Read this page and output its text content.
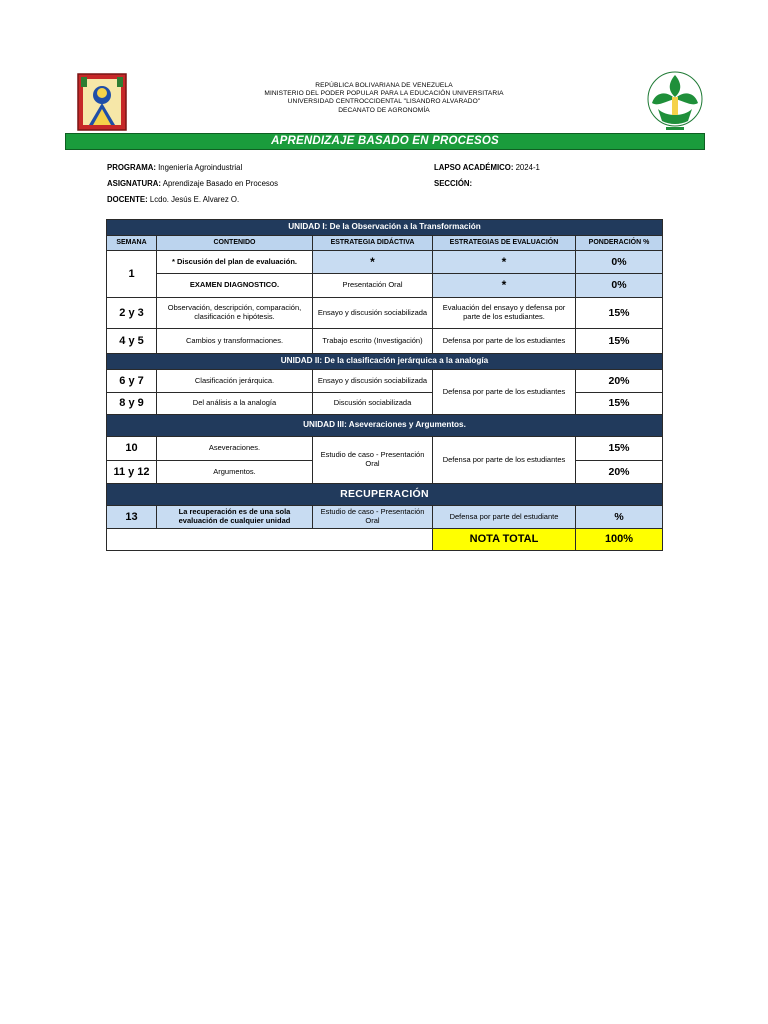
REPÚBLICA BOLIVARIANA DE VENEZUELA
MINISTERIO DEL PODER POPULAR PARA LA EDUCACIÓN UNIVERSITARIA
UNIVERSIDAD CENTROCCIDENTAL "LISANDRO ALVARADO"
DECANATO DE AGRONOMÍA
APRENDIZAJE BASADO EN PROCESOS
PROGRAMA: Ingeniería Agroindustrial
ASIGNATURA: Aprendizaje Basado en Procesos
DOCENTE: Lcdo. Jesús E. Alvarez O.
LAPSO ACADÉMICO: 2024-1
SECCIÓN:
UNIDAD I: De la Observación a la Transformación				
SEMANA	CONTENIDO	ESTRATEGIA DIDÁCTIVA	ESTRATEGIAS DE EVALUACIÓN	PONDERACIÓN %
1	* Discusión del plan de evaluación.	*	*	0%
	EXAMEN DIAGNOSTICO.	Presentación Oral	*	0%
2 y 3	Observación, descripción, comparación, clasificación e hipótesis.	Ensayo y discusión sociabilizada	Evaluación del ensayo y defensa por parte de los estudiantes.	15%
4 y 5	Cambios y transformaciones.	Trabajo escrito (Investigación)	Defensa por parte de los estudiantes	15%
UNIDAD II: De la clasificación jerárquica a la analogía				
6 y 7	Clasificación jerárquica.	Ensayo y discusión sociabilizada	Defensa por parte de los estudiantes	20%
8 y 9	Del análisis a la analogía	Discusión sociabilizada		15%
UNIDAD III: Aseveraciones y Argumentos.				
10	Aseveraciones.	Estudio de caso - Presentación Oral	Defensa por parte de los estudiantes	15%
11 y 12	Argumentos.			20%
RECUPERACIÓN				
13	La recuperación es de una sola evaluación de cualquier unidad	Estudio de caso - Presentación Oral	Defensa por parte del estudiante	%
			NOTA TOTAL	100%
